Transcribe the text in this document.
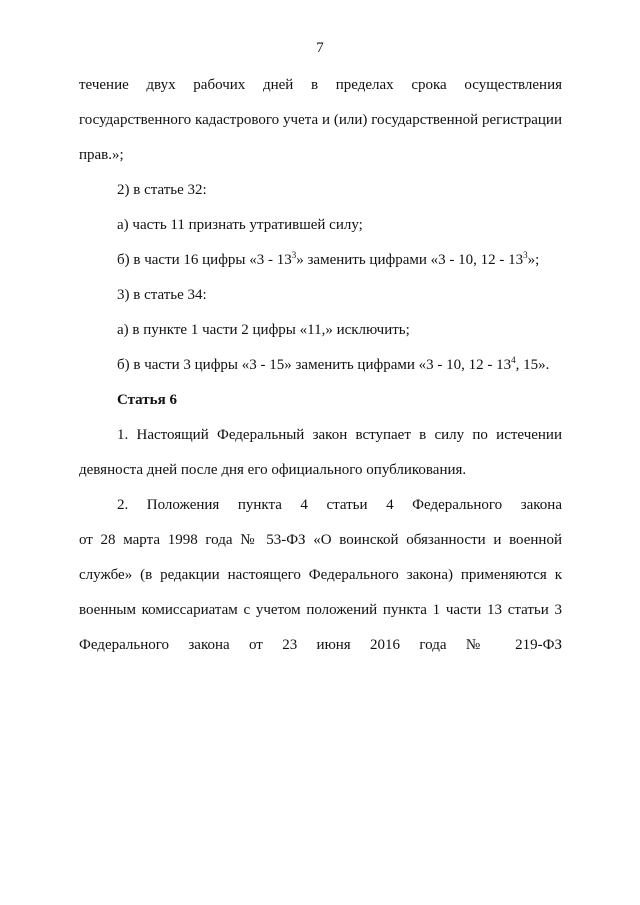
7
течение двух рабочих дней в пределах срока осуществления
государственного кадастрового учета и (или) государственной регистрации
прав.»;
2) в статье 32:
а) часть 11 признать утратившей силу;
б) в части 16 цифры «$3 - 13^3$» заменить цифрами «3 - 10, $12 - 13^3$»;
3) в статье 34:
а) в пункте 1 части 2 цифры «11,» исключить;
б) в части 3 цифры «3 - 15» заменить цифрами «3 - 10, $12 - 13^4$, 15».
Статья 6
1. Настоящий Федеральный закон вступает в силу по истечении
девяноста дней после дня его официального опубликования.
2. Положения пункта 4 статьи 4 Федерального закона
от 28 марта 1998 года № 53-ФЗ «О воинской обязанности и военной
службе» (в редакции настоящего Федерального закона) применяются к
военным комиссариатам с учетом положений пункта 1 части 13 статьи 3
Федерального закона от 23 июня 2016 года № 219-ФЗ
